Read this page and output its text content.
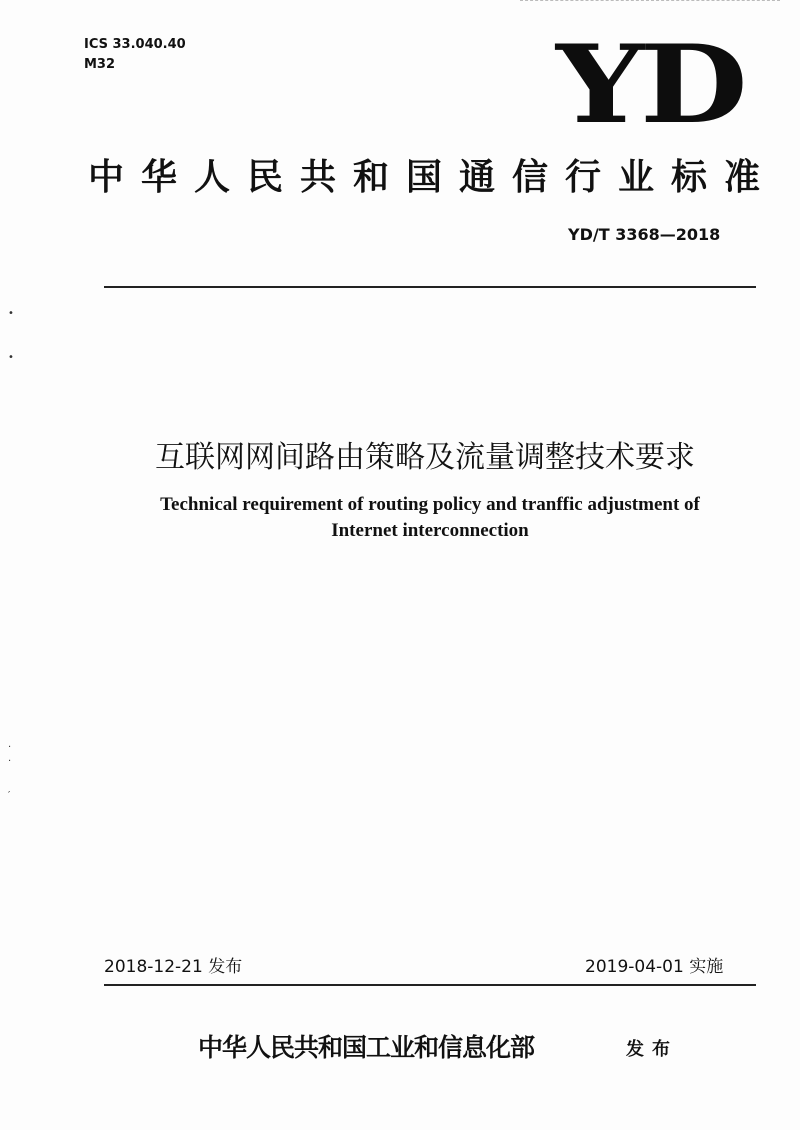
ICS 33.040.40
M32	YD
中华人民共和国通信行业标准
YD/T 3368—2018
•
•
·
·
′
互联网网间路由策略及流量调整技术要求
Technical requirement of routing policy and tranffic adjustment of
Internet interconnection
2018-12-21 发布	2019-04-01 实施
中华人民共和国工业和信息化部	发布
